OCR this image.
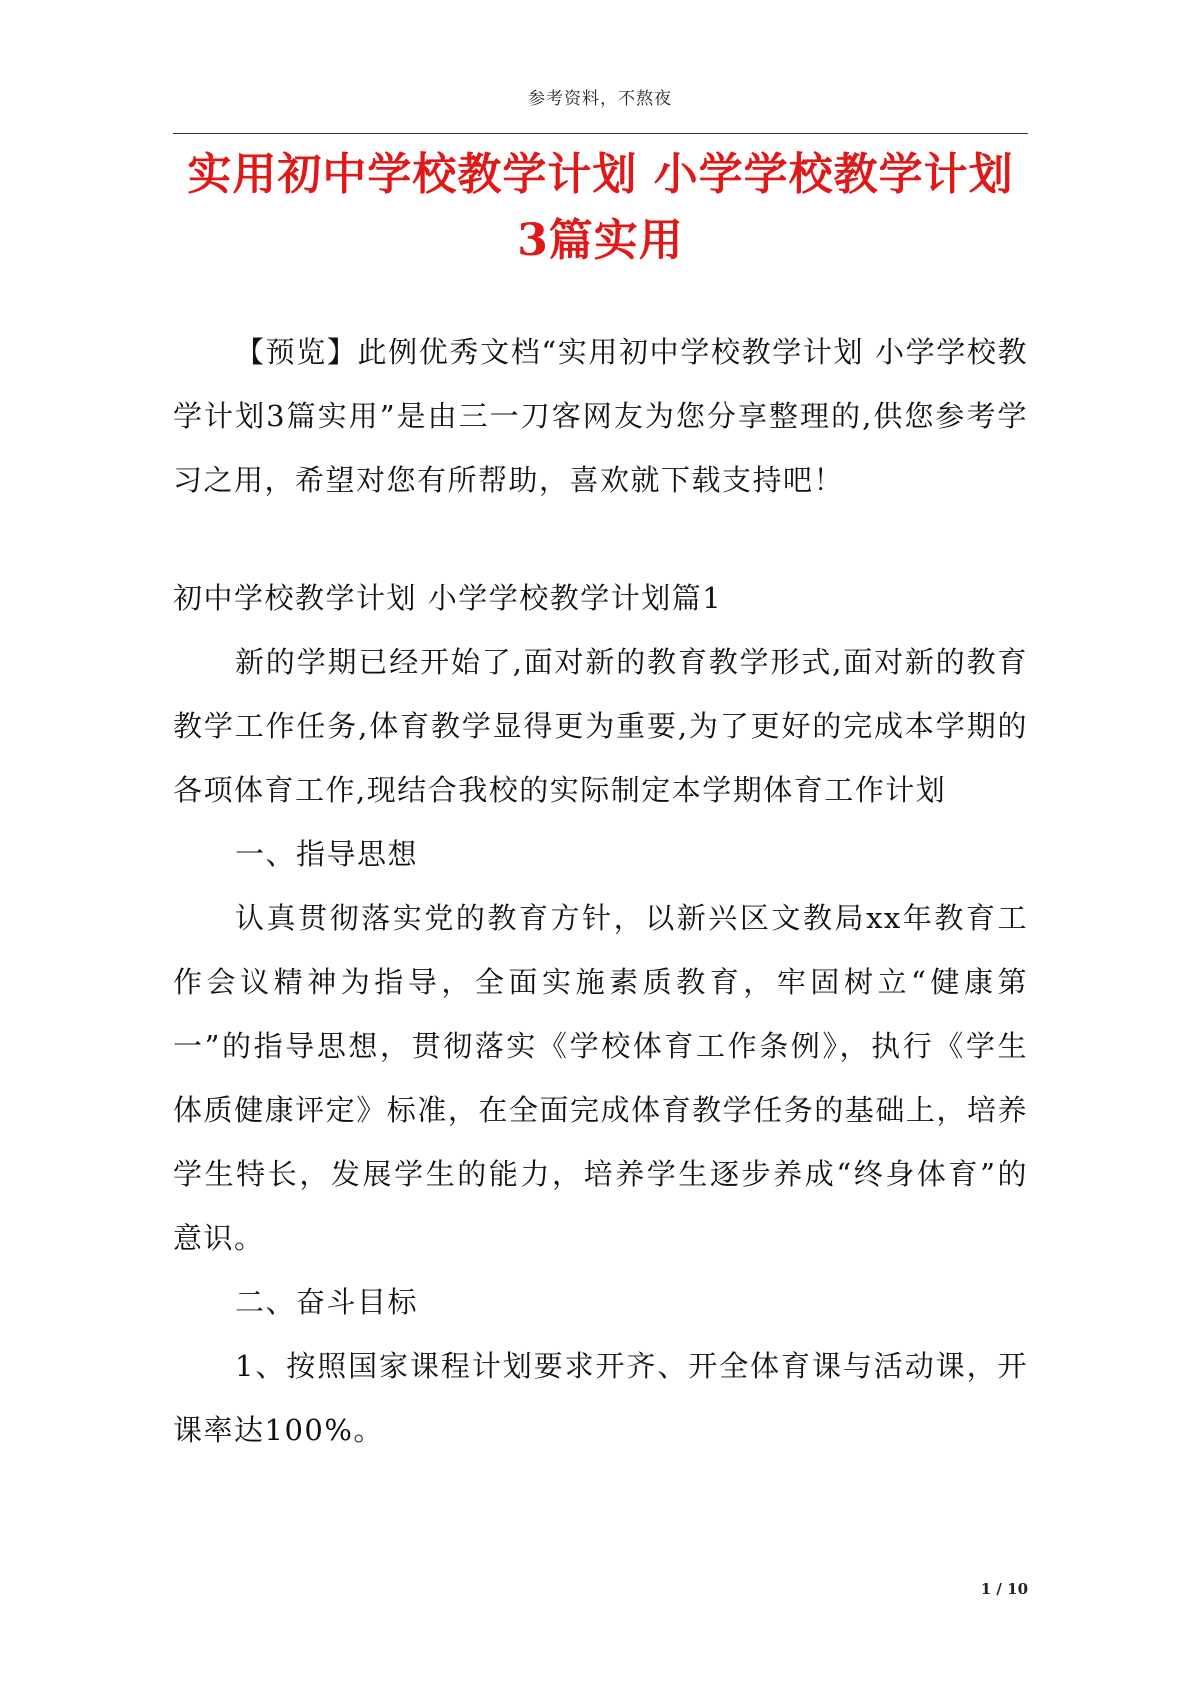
参考资料，不熬夜
实用初中学校教学计划 小学学校教学计划3篇实用

【预览】此例优秀文档“实用初中学校教学计划 小学学校教学计划3篇实用”是由三一刀客网友为您分享整理的,供您参考学习之用，希望对您有所帮助，喜欢就下载支持吧！

初中学校教学计划 小学学校教学计划篇1

新的学期已经开始了,面对新的教育教学形式,面对新的教育教学工作任务,体育教学显得更为重要,为了更好的完成本学期的各项体育工作,现结合我校的实际制定本学期体育工作计划

一、指导思想

认真贯彻落实党的教育方针，以新兴区文教局xx年教育工作会议精神为指导，全面实施素质教育，牢固树立“健康第一”的指导思想，贯彻落实《学校体育工作条例》，执行《学生体质健康评定》标准，在全面完成体育教学任务的基础上，培养学生特长，发展学生的能力，培养学生逐步养成“终身体育”的意识。

二、奋斗目标

1、按照国家课程计划要求开齐、开全体育课与活动课，开课率达100%。

1 / 10
